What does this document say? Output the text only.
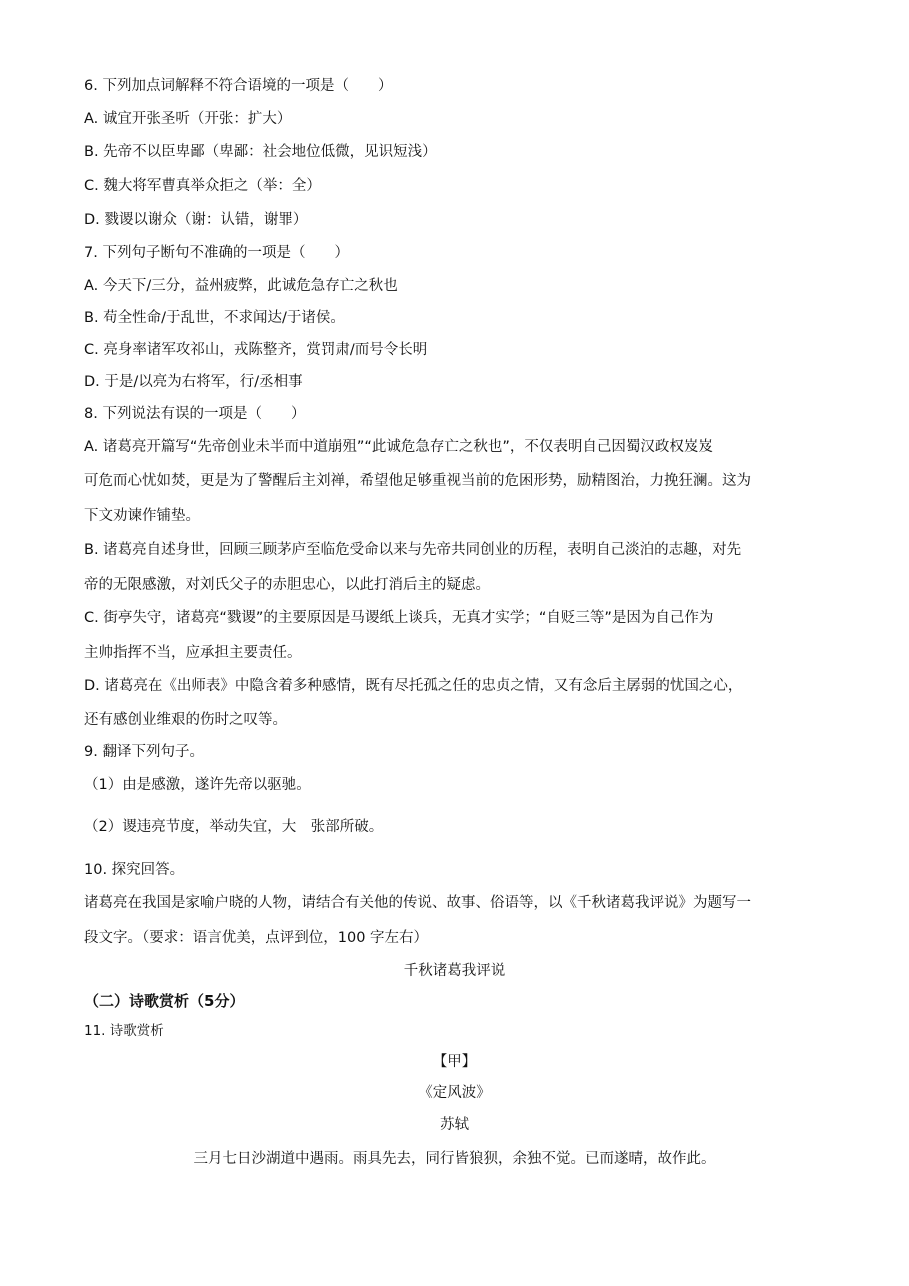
6. 下列加点词解释不符合语境的一项是（　　）
A. 诚宜开张圣听（开张：扩大）
B. 先帝不以臣卑鄙（卑鄙：社会地位低微，见识短浅）
C. 魏大将军曹真举众拒之（举：全）
D. 戮谡以谢众（谢：认错，谢罪）
7. 下列句子断句不准确的一项是（　　）
A. 今天下/三分，益州疲弊，此诚危急存亡之秋也
B. 苟全性命/于乱世，不求闻达/于诸侯。
C. 亮身率诸军攻祁山，戎陈整齐，赏罚肃/而号令长明
D. 于是/以亮为右将军，行/丞相事
8. 下列说法有误的一项是（　　）
A. 诸葛亮开篇写“先帝创业未半而中道崩殂”“此诚危急存亡之秋也”，不仅表明自己因蜀汉政权岌岌
可危而心忧如焚，更是为了警醒后主刘禅，希望他足够重视当前的危困形势，励精图治，力挽狂澜。这为
下文劝谏作铺垫。
B. 诸葛亮自述身世，回顾三顾茅庐至临危受命以来与先帝共同创业的历程，表明自己淡泊的志趣，对先
帝的无限感激，对刘氏父子的赤胆忠心，以此打消后主的疑虑。
C. 街亭失守，诸葛亮“戮谡”的主要原因是马谡纸上谈兵，无真才实学；“自贬三等”是因为自己作为
主帅指挥不当，应承担主要责任。
D. 诸葛亮在《出师表》中隐含着多种感情，既有尽托孤之任的忠贞之情，又有念后主孱弱的忧国之心，
还有感创业维艰的伤时之叹等。
9. 翻译下列句子。
（1）由是感激，遂许先帝以驱驰。
（2）谡违亮节度，举动失宜，大　张部所破。
10. 探究回答。
诸葛亮在我国是家喻户晓的人物，请结合有关他的传说、故事、俗语等，以《千秋诸葛我评说》为题写一
段文字。（要求：语言优美，点评到位，100 字左右）
千秋诸葛我评说
（二）诗歌赏析（5分）
11. 诗歌赏析
【甲】
《定风波》
苏轼
三月七日沙湖道中遇雨。雨具先去，同行皆狼狈，余独不觉。已而遂晴，故作此。
